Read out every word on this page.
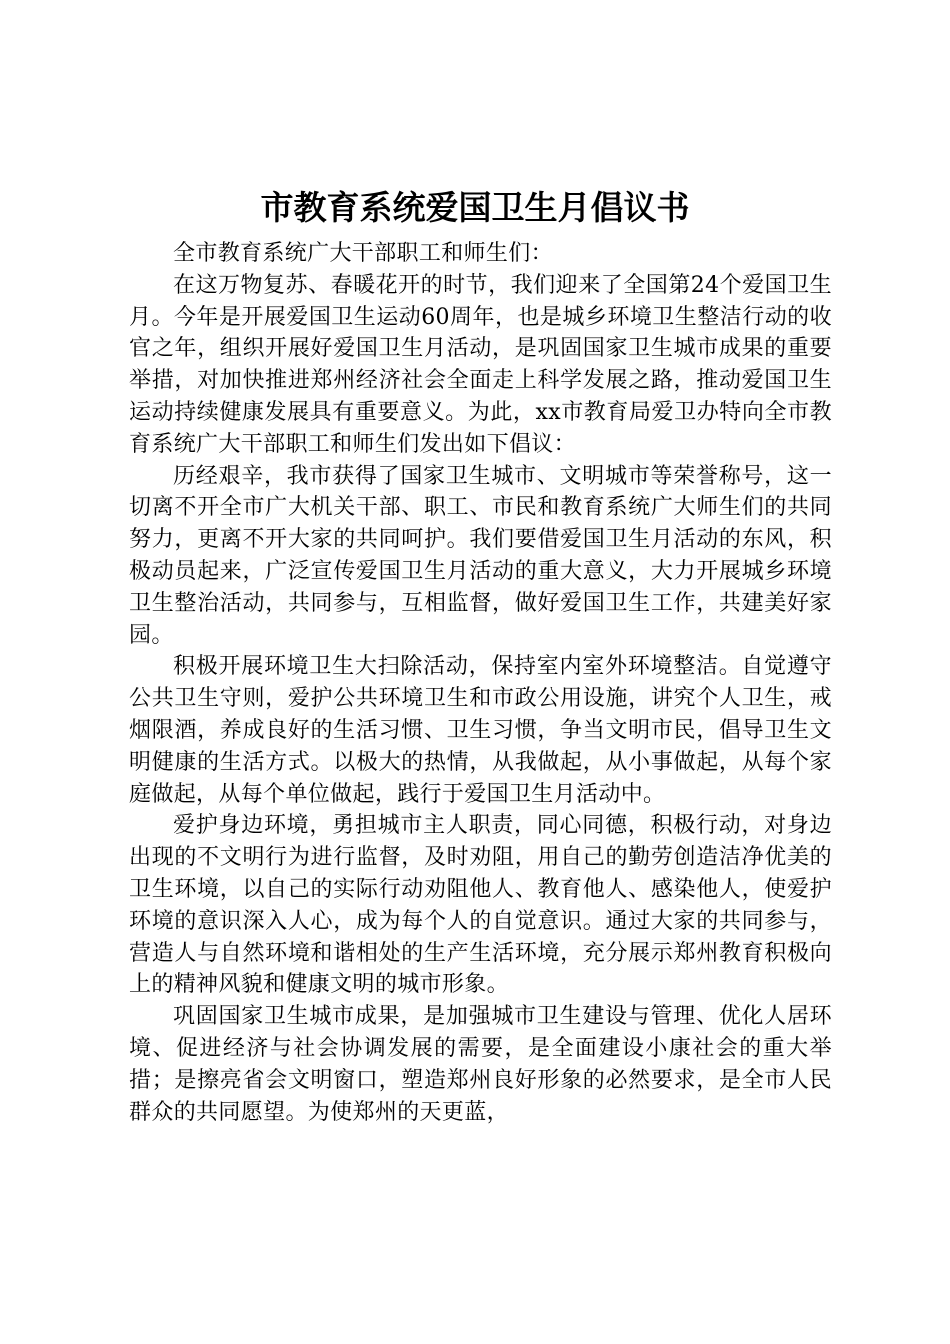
市教育系统爱国卫生月倡议书

全市教育系统广大干部职工和师生们：

在这万物复苏、春暖花开的时节，我们迎来了全国第24个爱国卫生月。今年是开展爱国卫生运动60周年，也是城乡环境卫生整洁行动的收官之年，组织开展好爱国卫生月活动，是巩固国家卫生城市成果的重要举措，对加快推进郑州经济社会全面走上科学发展之路，推动爱国卫生运动持续健康发展具有重要意义。为此，xx市教育局爱卫办特向全市教育系统广大干部职工和师生们发出如下倡议：

历经艰辛，我市获得了国家卫生城市、文明城市等荣誉称号，这一切离不开全市广大机关干部、职工、市民和教育系统广大师生们的共同努力，更离不开大家的共同呵护。我们要借爱国卫生月活动的东风，积极动员起来，广泛宣传爱国卫生月活动的重大意义，大力开展城乡环境卫生整治活动，共同参与，互相监督，做好爱国卫生工作，共建美好家园。

积极开展环境卫生大扫除活动，保持室内室外环境整洁。自觉遵守公共卫生守则，爱护公共环境卫生和市政公用设施，讲究个人卫生，戒烟限酒，养成良好的生活习惯、卫生习惯，争当文明市民，倡导卫生文明健康的生活方式。以极大的热情，从我做起，从小事做起，从每个家庭做起，从每个单位做起，践行于爱国卫生月活动中。

爱护身边环境，勇担城市主人职责，同心同德，积极行动，对身边出现的不文明行为进行监督，及时劝阻，用自己的勤劳创造洁净优美的卫生环境，以自己的实际行动劝阻他人、教育他人、感染他人，使爱护环境的意识深入人心，成为每个人的自觉意识。通过大家的共同参与，营造人与自然环境和谐相处的生产生活环境，充分展示郑州教育积极向上的精神风貌和健康文明的城市形象。

巩固国家卫生城市成果，是加强城市卫生建设与管理、优化人居环境、促进经济与社会协调发展的需要，是全面建设小康社会的重大举措；是擦亮省会文明窗口，塑造郑州良好形象的必然要求，是全市人民群众的共同愿望。为使郑州的天更蓝，
